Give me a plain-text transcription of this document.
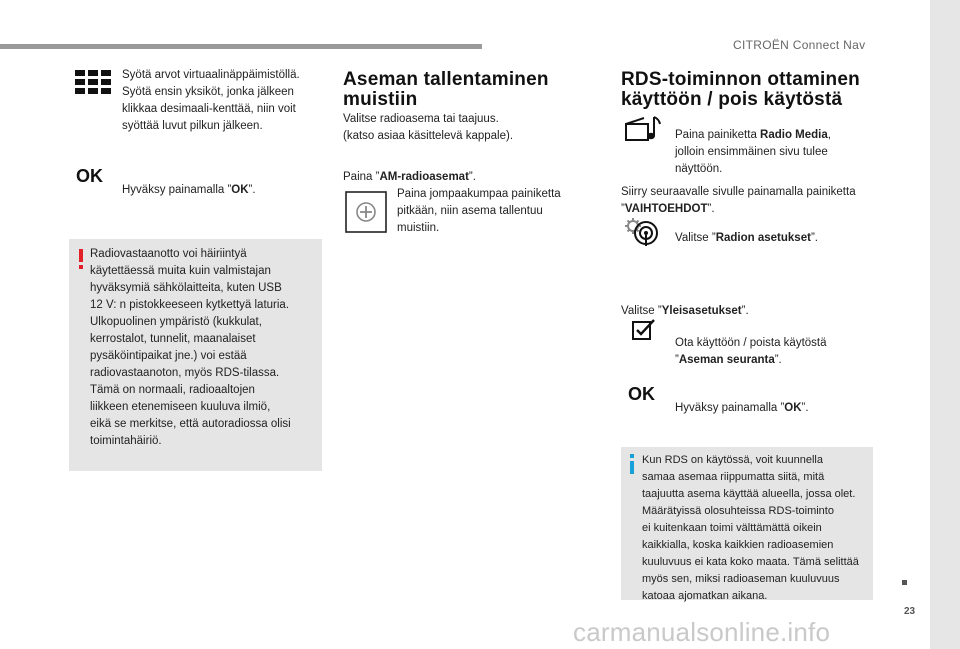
CITROËN Connect Nav
Syötä arvot virtuaalinäppäimistöllä.
Syötä ensin yksiköt, jonka jälkeen
klikkaa desimaali-kenttää, niin voit
syöttää luvut pilkun jälkeen.
OK

Hyväksy painamalla ”OK”.

Radiovastaanotto voi häiriintyä
käytettäessä muita kuin valmistajan
hyväksymiä sähkölaitteita, kuten USB
12 V: n pistokkeeseen kytkettyä laturia.
Ulkopuolinen ympäristö (kukkulat,
kerrostalot, tunnelit, maanalaiset
pysäköintipaikat jne.) voi estää
radiovastaanoton, myös RDS-tilassa.
Tämä on normaali, radioaaltojen
liikkeen etenemiseen kuuluva ilmiö,
eikä se merkitse, että autoradiossa olisi
toimintahäiriö.
Aseman tallentaminen
muistiin
Valitse radioasema tai taajuus.
(katso asiaa käsittelevä kappale).

Paina ”AM-radioasemat”.

Paina jompaakumpaa painiketta
pitkään, niin asema tallentuu
muistiin.
RDS-toiminnon ottaminen
käyttöön / pois käytöstä

Paina painiketta Radio Media,
jolloin ensimmäinen sivu tulee
näyttöön.

Siirry seuraavalle sivulle painamalla painiketta
”VAIHTOEHDOT”.

Valitse ”Radion asetukset”.

Valitse ”Yleisasetukset”.

Ota käyttöön / poista käytöstä
”Aseman seuranta”.

OK

Hyväksy painamalla ”OK”.

Kun RDS on käytössä, voit kuunnella
samaa asemaa riippumatta siitä, mitä
taajuutta asema käyttää alueella, jossa olet.
Määrätyissä olosuhteissa RDS-toiminto
ei kuitenkaan toimi välttämättä oikein
kaikkialla, koska kaikkien radioasemien
kuuluvuus ei kata koko maata. Tämä selittää
myös sen, miksi radioaseman kuuluvuus
katoaa ajomatkan aikana.
23
carmanualsonline.info
